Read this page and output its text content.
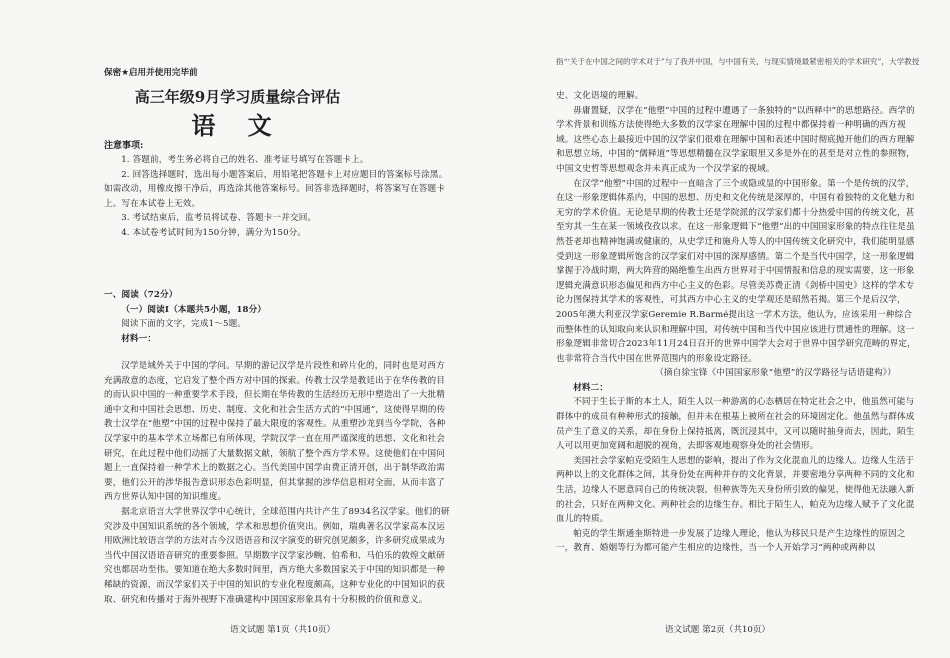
保密★启用并使用完毕前
高三年级9月学习质量综合评估
语 文
注意事项:

1. 答题前，考生务必将自己的姓名、准考证号填写在答题卡上。

2. 回答选择题时，选出每小题答案后，用铅笔把答题卡上对应题目的答案标号涂黑。如需改动，用橡皮擦干净后，再选涂其他答案标号。回答非选择题时，将答案写在答题卡上。写在本试卷上无效。

3. 考试结束后，监考员将试卷、答题卡一并交回。

4. 本试卷考试时间为150分钟，满分为150分。

一、阅读（72分）

（一）阅读Ⅰ（本题共5小题，18分）

阅读下面的文字，完成1～5题。

材料一：

汉学是域外关于中国的学问。早期的游记汉学是片段性和碎片化的，同时也是对西方充满敌意的态度，它启发了整个西方对中国的探索。传教士汉学是教廷出于在华传教的目的而认识中国的一种重要学术手段，但长期在华传教的生活经历无形中塑造出了一大批精通中文和中国社会思想、历史、制度、文化和社会生活方式的“中国通”，这使得早期的传教士汉学在“他塑”中国的过程中保持了最大限度的客观性。从重塑沙龙到当今学院，各种汉学家中的基本学术立场都已有所体现，学院汉学一直在用严谨深度的思想、文化和社会研究，在此过程中他们动摇了大量数据文献，领航了整个西方学术界。这使他们在中国问题上一直保持着一种学术上的数据之心。当代美国中国学由费正清开创，出于制华政治需要，他们公开的涉华报告意识形态色彩明显，但其掌握的涉华信息相对全面，从而丰富了西方世界认知中国的知识维度。

据北京语言大学世界汉学中心统计，全球范围内共计产生了8934名汉学家。他们的研究涉及中国知识系统的各个领域，学术和思想价值突出。例如，瑞典著名汉学家高本汉运用欧洲比较语言学的方法对古今汉语语音和汉字演变的研究创见颇多，许多研究成果成为当代中国汉语语音研究的重要参照。早期数字汉学家沙畹、伯希和、马伯乐的敦煌文献研究也都居功至伟。要知道在绝大多数时间里，西方绝大多数国家关于中国的知识都是一种稀缺的资源，而汉学家们关于中国的知识的专业化程度颇高，这种专业化的中国知识的获取、研究和传播对于海外视野下准确建构中国国家形象具有十分积极的价值和意义。

语文试题 第1页（共10页）
指“‘关于在中国之间的学术对于”与了我并中国，与中国有关，与现实情境最紧密相关的学术研究”，大学教授

史、文化语境的理解。

毋庸置疑，汉学在“他塑”中国的过程中遭遇了一条独特的“以西释中”的思想路径。西学的学术背景和训练方法使得绝大多数的汉学家在理解中国的过程中都保持着一种明确的西方视域。这些心态上最接近中国的汉学家们很难在理解中国和表述中国时彻底抛开他们的西方理解和思想立场，中国的“儒释道”等思想精髓在汉学家眼里又多是外在的甚至是对立性的参照物，中国文史哲等思想观念并未真正成为一个汉学家的视域。

在汉学“他塑”中国的过程中一直暗含了三个或隐或显的中国形象。第一个是传统的汉学，在这一形象逻辑体系内，中国的思想、历史和文化传统是深厚的，中国有着独特的文化魅力和无穷的学术价值。无论是早期的传教士还是学院派的汉学家们都十分热爱中国的传统文化，甚至穷其一生在某一领域孜孜以求。在这一形象逻辑下“他塑”出的中国国家形象的特点往往是虽然苍老却也精神饱满或健康的，从史学迁和施舟人等人的中国传统文化研究中，我们能明显感受到这一形象逻辑所饱含的汉学家们对中国的深厚感情。第二个是当代中国学，这一形象逻辑掌握于冷战时期，两大阵营的隔绝惟生出西方世界对于中国情报和信息的现实需要，这一形象逻辑充满意识形态偏见和西方中心主义的色彩。尽管美苏费正清《剑桥中国史》这样的学术专论力图保持其学术的客观性，可其西方中心主义的史学观还是昭然若揭。第三个是后汉学，2005年澳大利亚汉学家Geremie R.Barmé提出这一学术方法，他认为，应该采用一种综合而整体性的认知取向来认识和理解中国，对传统中国和当代中国应该进行贯通性的理解。这一形象逻辑非常切合2023年11月24日召开的世界中国学大会对于世界中国学研究范畴的界定，也非常符合当代中国在世界范围内的形象设定路径。

（摘自徐宝锋《中国国家形象“他塑”的汉学路径与话语建构》）

材料二：

不同于生长于斯的本土人，陌生人以一种游离的心态栖居在特定社会之中，他虽然可能与群体中的成员有种种形式的接触，但并未在根基上被所在社会的环境固定化。他虽然与群体成员产生了意义的关系，却在身份上保持抵离，既沉浸其中，又可以随时抽身而去，因此，陌生人可以用更加宽阔和超脱的视角，去即客观地观察身处的社会情形。

美国社会学家帕克受陌生人思想的影响，提出了作为文化混血儿的边缘人。边缘人生活于两种以上的文化群体之间，其身份处在两种并存的文化背景，并要密地分享两种不同的文化和生活，边缘人不愿意同自己的传统决裂，但种族等先天身份所引致的偏见，使得他无法融入新的社会，只好在两种文化、两种社会的边缘生存。相比于陌生人，帕克为边缘人赋予了文化混血儿的特质。

帕克的学生斯通奎斯特进一步发展了边缘人理论，他认为移民只是产生边缘性的原因之一，教育、婚姻等行为都可能产生相应的边缘性，当一个人开始学习“两种或两种以

语文试题 第2页（共10页）
